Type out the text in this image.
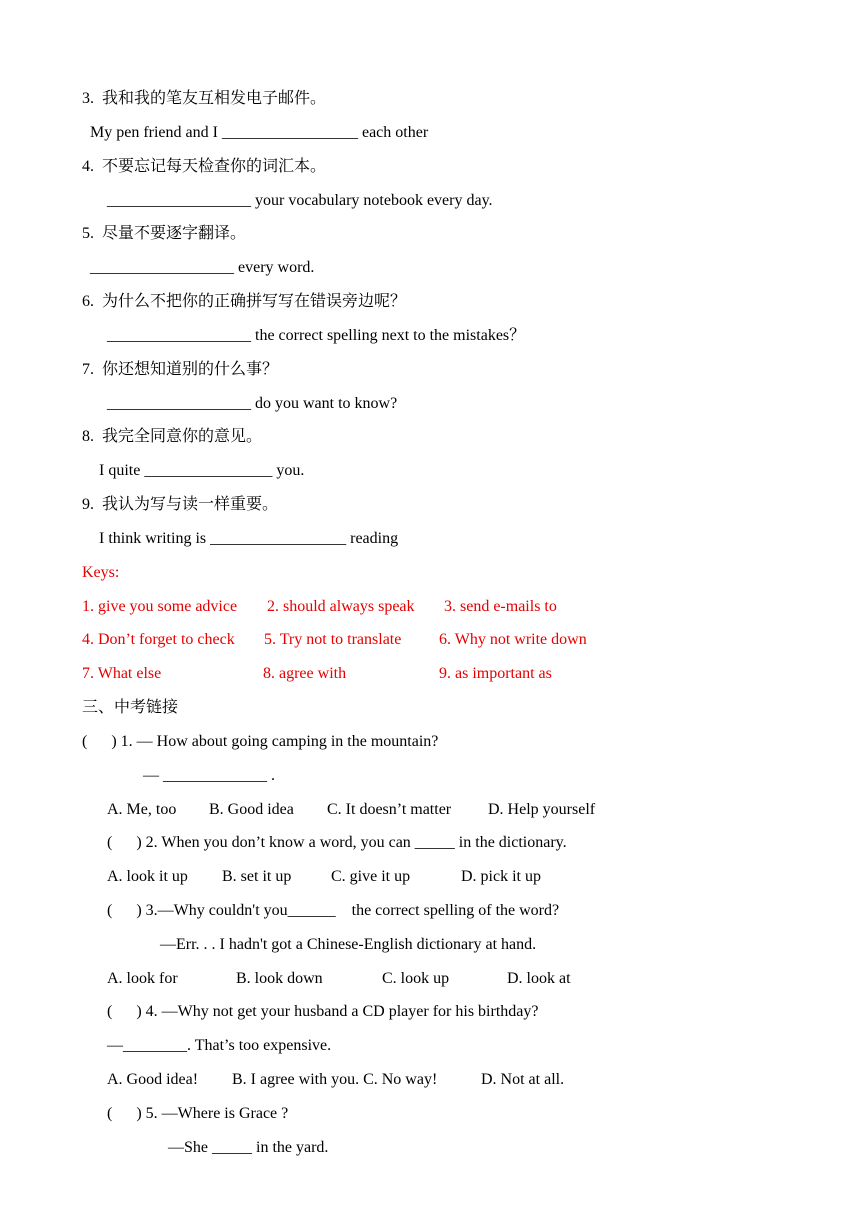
3.  我和我的笔友互相发电子邮件。
My pen friend and I _________________ each other
4.  不要忘记每天检查你的词汇本。
__________________ your vocabulary notebook every day.
5.  尽量不要逐字翻译。
__________________ every word.
6.  为什么不把你的正确拼写写在错误旁边呢？
__________________ the correct spelling next to the mistakes？
7.  你还想知道别的什么事？
__________________ do you want to know?
8.  我完全同意你的意见。
I quite ________________ you.
9.  我认为写与读一样重要。
I think writing is _________________ reading
Keys:
1. give you some advice 2. should always speak 3. send e-mails to
4. Don’t forget to check 5. Try not to translate 6. Why not write down
7. What else	8. agree with	9. as important as
三、中考链接
(      ) 1. — How about going camping in the mountain?
— _____________ .
A. Me, too B. Good idea C. It doesn’t matter D. Help yourself
(      ) 2. When you don’t know a word, you can _____ in the dictionary.
A. look it up B. set it up C. give it up	D. pick it up
(      ) 3.—Why couldn't you______    the correct spelling of the word?
—Err. . . I hadn't got a Chinese-English dictionary at hand.
A. look for	B. look down	C. look up	D. look at
(      ) 4. —Why not get your husband a CD player for his birthday?
—________. That’s too expensive.
A. Good idea! B. I agree with you. C. No way!	D. Not at all.
(      ) 5. —Where is Grace ?
—She _____ in the yard.
